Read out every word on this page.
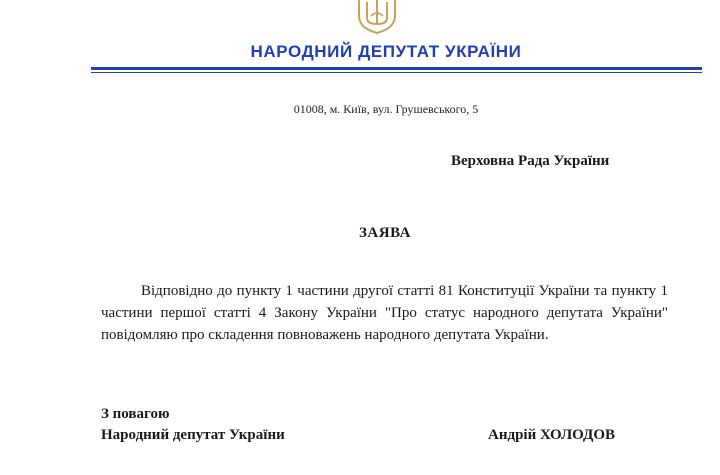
НАРОДНИЙ ДЕПУТАТ УКРАЇНИ
01008, м. Київ, вул. Грушевського, 5
Верховна Рада України
ЗАЯВА
Відповідно до пункту 1 частини другої статті 81 Конституції України та пункту 1 частини першої статті 4 Закону України "Про статус народного депутата України" повідомляю про складення повноважень народного депутата України.
З повагою
Народний депутат України	Андрій ХОЛОДОВ
